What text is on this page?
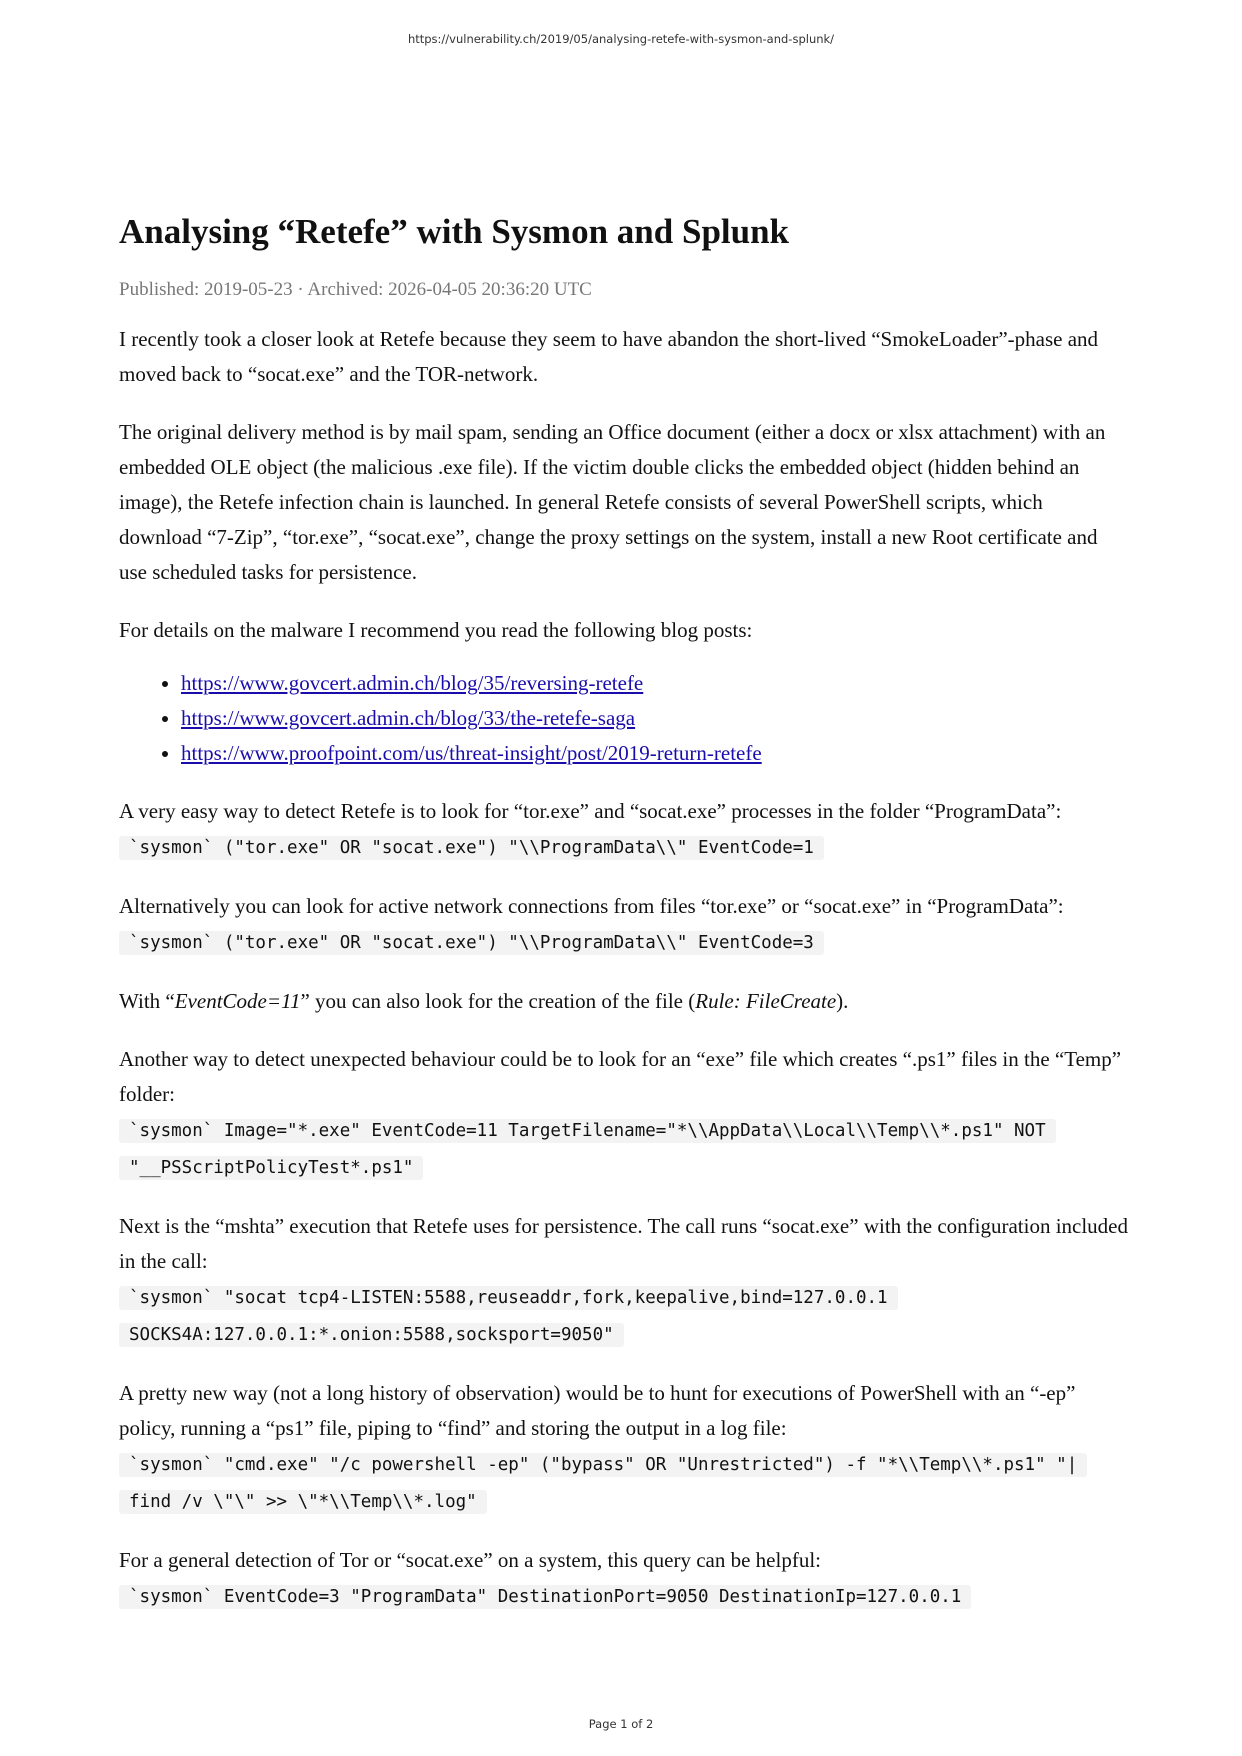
https://vulnerability.ch/2019/05/analysing-retefe-with-sysmon-and-splunk/
Analysing “Retefe” with Sysmon and Splunk
Published: 2019-05-23 · Archived: 2026-04-05 20:36:20 UTC

I recently took a closer look at Retefe because they seem to have abandon the short-lived “SmokeLoader”-phase and moved back to “socat.exe” and the TOR-network.

The original delivery method is by mail spam, sending an Office document (either a docx or xlsx attachment) with an embedded OLE object (the malicious .exe file). If the victim double clicks the embedded object (hidden behind an image), the Retefe infection chain is launched. In general Retefe consists of several PowerShell scripts, which download “7-Zip”, “tor.exe”, “socat.exe”, change the proxy settings on the system, install a new Root certificate and use scheduled tasks for persistence.

For details on the malware I recommend you read the following blog posts:

• https://www.govcert.admin.ch/blog/35/reversing-retefe
• https://www.govcert.admin.ch/blog/33/the-retefe-saga
• https://www.proofpoint.com/us/threat-insight/post/2019-return-retefe

A very easy way to detect Retefe is to look for “tor.exe” and “socat.exe” processes in the folder “ProgramData”:

`sysmon` ("tor.exe" OR "socat.exe") "\\ProgramData\\" EventCode=1

Alternatively you can look for active network connections from files “tor.exe” or “socat.exe” in “ProgramData”:

`sysmon` ("tor.exe" OR "socat.exe") "\\ProgramData\\" EventCode=3

With “EventCode=11” you can also look for the creation of the file (Rule: FileCreate).

Another way to detect unexpected behaviour could be to look for an “exe” file which creates “.ps1” files in the “Temp” folder:

`sysmon` Image="*.exe" EventCode=11 TargetFilename="*\\AppData\\Local\\Temp\\*.ps1" NOT "__PSScriptPolicyTest*.ps1"

Next is the “mshta” execution that Retefe uses for persistence. The call runs “socat.exe” with the configuration included in the call:

`sysmon` "socat tcp4-LISTEN:5588,reuseaddr,fork,keepalive,bind=127.0.0.1 SOCKS4A:127.0.0.1:*.onion:5588,socksport=9050"

A pretty new way (not a long history of observation) would be to hunt for executions of PowerShell with an “-ep” policy, running a “ps1” file, piping to “find” and storing the output in a log file:

`sysmon` "cmd.exe" "/c powershell -ep" ("bypass" OR "Unrestricted") -f "*\\Temp\\*.ps1" "| find /v \"\" >> \"*\\Temp\\*.log"

For a general detection of Tor or “socat.exe” on a system, this query can be helpful:

`sysmon` EventCode=3 "ProgramData" DestinationPort=9050 DestinationIp=127.0.0.1
Page 1 of 2
